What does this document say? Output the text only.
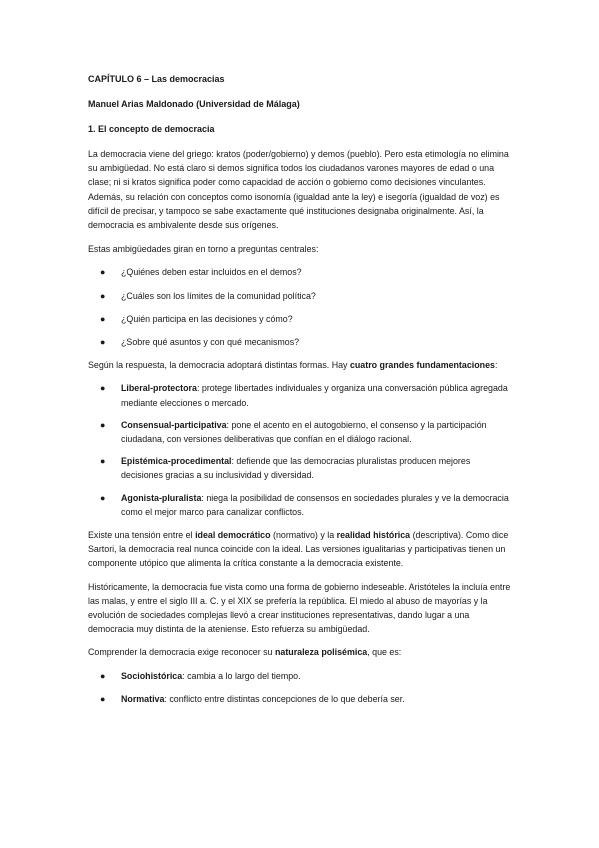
CAPÍTULO 6 – Las democracias
Manuel Arias Maldonado (Universidad de Málaga)
1. El concepto de democracia

La democracia viene del griego: kratos (poder/gobierno) y demos (pueblo). Pero esta etimología no elimina su ambigüedad. No está claro si demos significa todos los ciudadanos varones mayores de edad o una clase; ni si kratos significa poder como capacidad de acción o gobierno como decisiones vinculantes. Además, su relación con conceptos como isonomía (igualdad ante la ley) e isegoría (igualdad de voz) es difícil de precisar, y tampoco se sabe exactamente qué instituciones designaba originalmente. Así, la democracia es ambivalente desde sus orígenes.

Estas ambigüedades giran en torno a preguntas centrales:

● ¿Quiénes deben estar incluidos en el demos?
● ¿Cuáles son los límites de la comunidad política?
● ¿Quién participa en las decisiones y cómo?
● ¿Sobre qué asuntos y con qué mecanismos?

Según la respuesta, la democracia adoptará distintas formas. Hay cuatro grandes fundamentaciones:

● Liberal-protectora: protege libertades individuales y organiza una conversación pública agregada mediante elecciones o mercado.
● Consensual-participativa: pone el acento en el autogobierno, el consenso y la participación ciudadana, con versiones deliberativas que confían en el diálogo racional.
● Epistémica-procedimental: defiende que las democracias pluralistas producen mejores decisiones gracias a su inclusividad y diversidad.
● Agonista-pluralista: niega la posibilidad de consensos en sociedades plurales y ve la democracia como el mejor marco para canalizar conflictos.

Existe una tensión entre el ideal democrático (normativo) y la realidad histórica (descriptiva). Como dice Sartori, la democracia real nunca coincide con la ideal. Las versiones igualitarias y participativas tienen un componente utópico que alimenta la crítica constante a la democracia existente.

Históricamente, la democracia fue vista como una forma de gobierno indeseable. Aristóteles la incluía entre las malas, y entre el siglo III a. C. y el XIX se prefería la república. El miedo al abuso de mayorías y la evolución de sociedades complejas llevó a crear instituciones representativas, dando lugar a una democracia muy distinta de la ateniense. Esto refuerza su ambigüedad.

Comprender la democracia exige reconocer su naturaleza polisémica, que es:

● Sociohistórica: cambia a lo largo del tiempo.
● Normativa: conflicto entre distintas concepciones de lo que debería ser.
